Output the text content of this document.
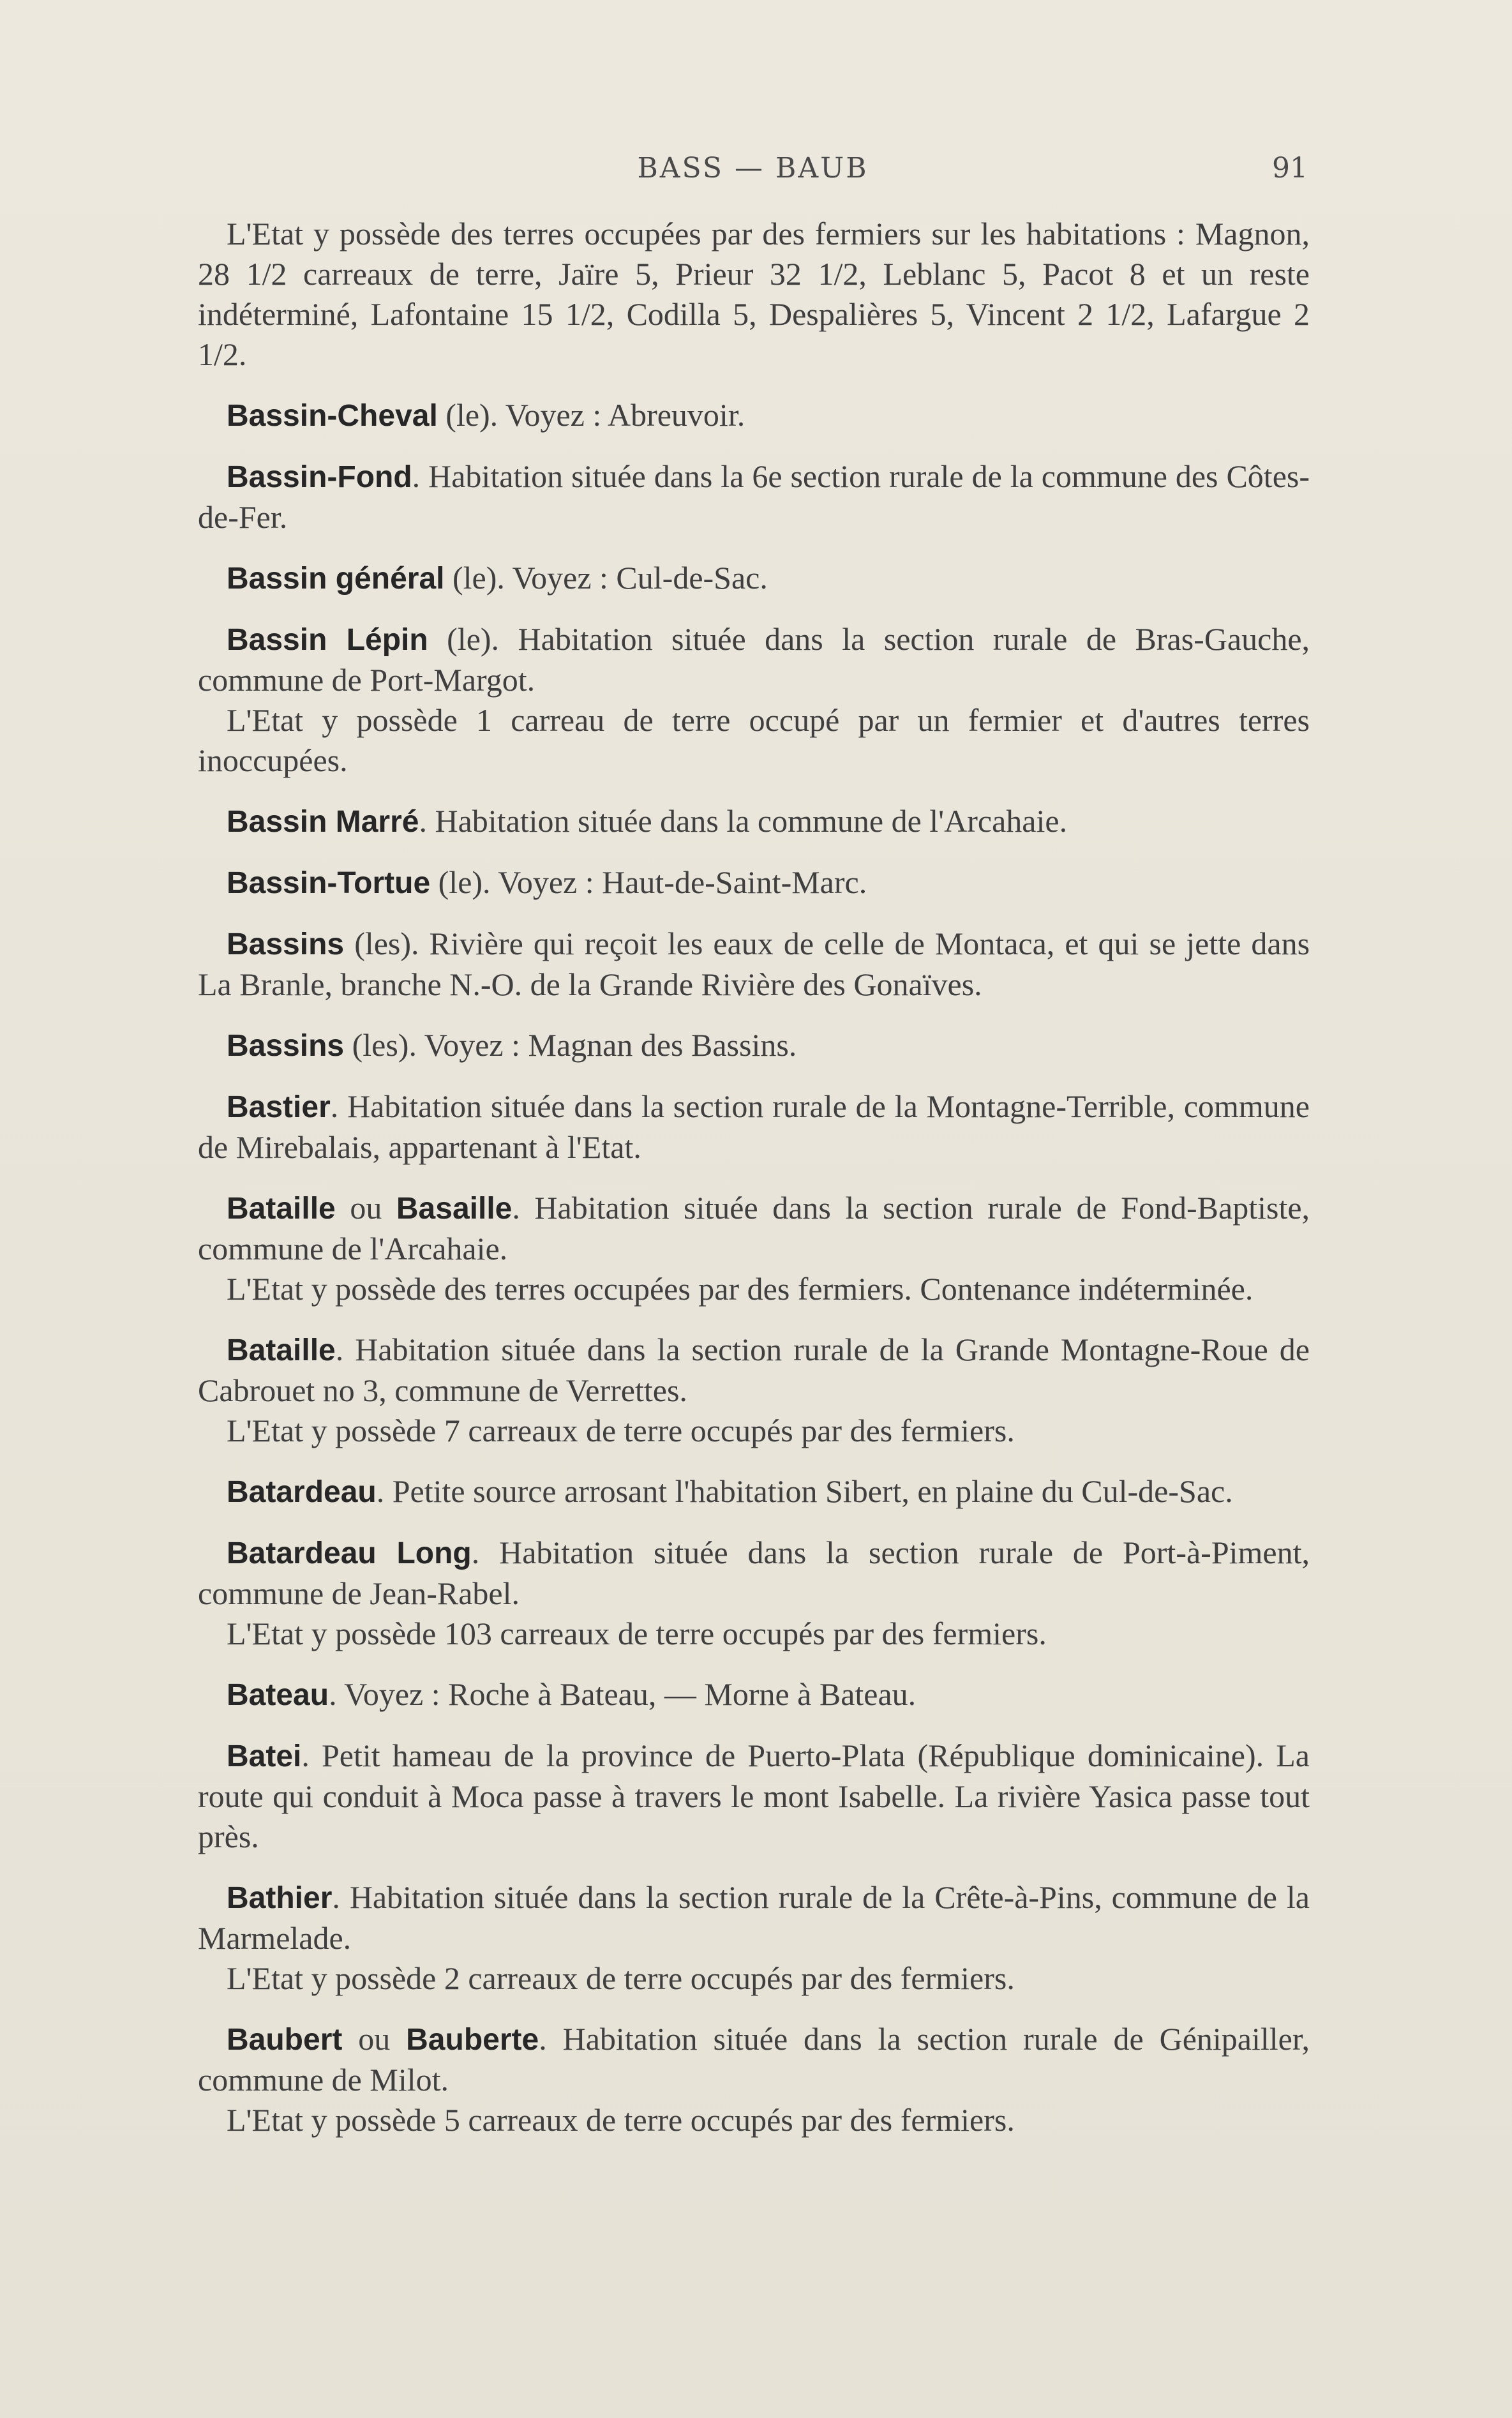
BASS — BAUB	91

L'Etat y possède des terres occupées par des fermiers sur les habitations : Magnon, 28 1/2 carreaux de terre, Jaïre 5, Prieur 32 1/2, Leblanc 5, Pacot 8 et un reste indéterminé, Lafontaine 15 1/2, Codilla 5, Despalières 5, Vincent 2 1/2, Lafargue 2 1/2.

Bassin-Cheval (le). Voyez : Abreuvoir.

Bassin-Fond. Habitation située dans la 6e section rurale de la commune des Côtes-de-Fer.

Bassin général (le). Voyez : Cul-de-Sac.

Bassin Lépin (le). Habitation située dans la section rurale de Bras-Gauche, commune de Port-Margot.

L'Etat y possède 1 carreau de terre occupé par un fermier et d'autres terres inoccupées.

Bassin Marré. Habitation située dans la commune de l'Arcahaie.

Bassin-Tortue (le). Voyez : Haut-de-Saint-Marc.

Bassins (les). Rivière qui reçoit les eaux de celle de Montaca, et qui se jette dans La Branle, branche N.-O. de la Grande Rivière des Gonaïves.

Bassins (les). Voyez : Magnan des Bassins.

Bastier. Habitation située dans la section rurale de la Montagne-Terrible, commune de Mirebalais, appartenant à l'Etat.

Bataille ou Basaille. Habitation située dans la section rurale de Fond-Baptiste, commune de l'Arcahaie.

L'Etat y possède des terres occupées par des fermiers. Contenance indéterminée.

Bataille. Habitation située dans la section rurale de la Grande Montagne-Roue de Cabrouet no 3, commune de Verrettes.

L'Etat y possède 7 carreaux de terre occupés par des fermiers.

Batardeau. Petite source arrosant l'habitation Sibert, en plaine du Cul-de-Sac.

Batardeau Long. Habitation située dans la section rurale de Port-à-Piment, commune de Jean-Rabel.

L'Etat y possède 103 carreaux de terre occupés par des fermiers.

Bateau. Voyez : Roche à Bateau, — Morne à Bateau.

Batei. Petit hameau de la province de Puerto-Plata (République dominicaine). La route qui conduit à Moca passe à travers le mont Isabelle. La rivière Yasica passe tout près.

Bathier. Habitation située dans la section rurale de la Crête-à-Pins, commune de la Marmelade.

L'Etat y possède 2 carreaux de terre occupés par des fermiers.

Baubert ou Bauberte. Habitation située dans la section rurale de Génipailler, commune de Milot.

L'Etat y possède 5 carreaux de terre occupés par des fermiers.
